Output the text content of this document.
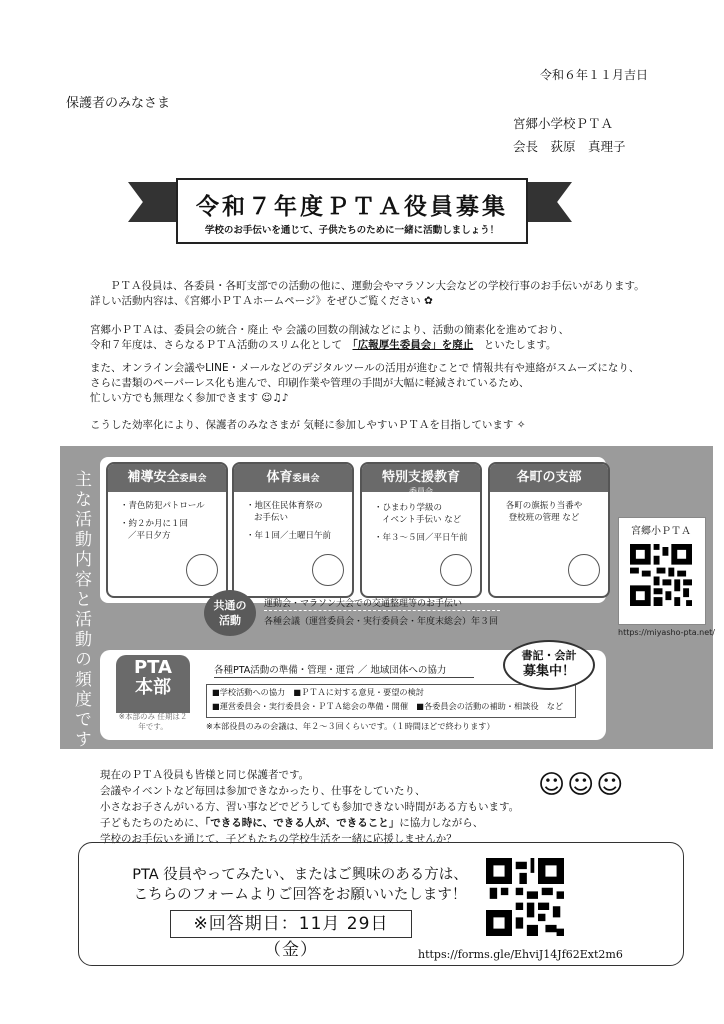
令和６年１１月吉日
保護者のみなさま
宮郷小学校ＰＴＡ
会長　荻原　真理子
令和７年度ＰＴＡ役員募集
学校のお手伝いを通じて、子供たちのために一緒に活動しましょう！
ＰＴＡ役員は、各委員・各町支部での活動の他に、運動会やマラソン大会などの学校行事のお手伝いがあります。
詳しい活動内容は、《宮郷小ＰＴＡホームページ》をぜひご覧ください ✿
宮郷小ＰＴＡは、委員会の統合・廃止 や 会議の回数の削減などにより、活動の簡素化を進めており、
令和７年度は、さらなるＰＴＡ活動のスリム化として　 「広報厚生委員会」を廃止　 といたします。
また、オンライン会議やLINE・メールなどのデジタルツールの活用が進むことで 情報共有や連絡がスムーズになり、
さらに書類のペーパーレス化も進んで、印刷作業や管理の手間が大幅に軽減されているため、
忙しい方でも無理なく参加できます ☺♫♪
こうした効率化により、保護者のみなさまが 気軽に参加しやすいＰＴＡを目指しています ✧
主な活動内容と活動の頻度です	補導安全委員会
・青色防犯パトロール
・約２か月に１回
／平日夕方
体育委員会
・地区住民体育祭の
お手伝い
・年１回／土曜日午前
特別支援教育
委員会
・ひまわり学級の
イベント手伝い など
・年３～５回／平日午前
各町の支部
各町の旗振り当番や
登校班の管理 など
共通の
活動
運動会・マラソン大会での交通整理等のお手伝い
各種会議（運営委員会・実行委員会・年度末総会）年３回
PTA
本部
※本部のみ 任期は２年です。
各種PTA活動の準備・管理・運営 ／ 地域団体への協力
■学校活動への協力　■ＰＴＡに対する意見・要望の検討
■運営委員会・実行委員会・ＰＴＡ総会の準備・開催　■各委員会の活動の補助・相談役　など
※本部役員のみの会議は、年２～３回くらいです。（１時間ほどで終わります）
書記・会計
募集中！
宮郷小ＰＴＡ
https://miyasho-pta.net/
現在のＰＴＡ役員も皆様と同じ保護者です。
会議やイベントなど毎回は参加できなかったり、仕事をしていたり、
小さなお子さんがいる方、習い事などでどうしても参加できない時間がある方もいます。
子どもたちのために、「できる時に、できる人が、できること」に協力しながら、
学校のお手伝いを通じて、子どもたちの学校生活を一緒に応援しませんか？
☺☺☺
PTA 役員やってみたい、またはご興味のある方は、
こちらのフォームよりご回答をお願いいたします！
※回答期日：11月 29日（金）	https://forms.gle/EhviJ14Jf62Ext2m6
